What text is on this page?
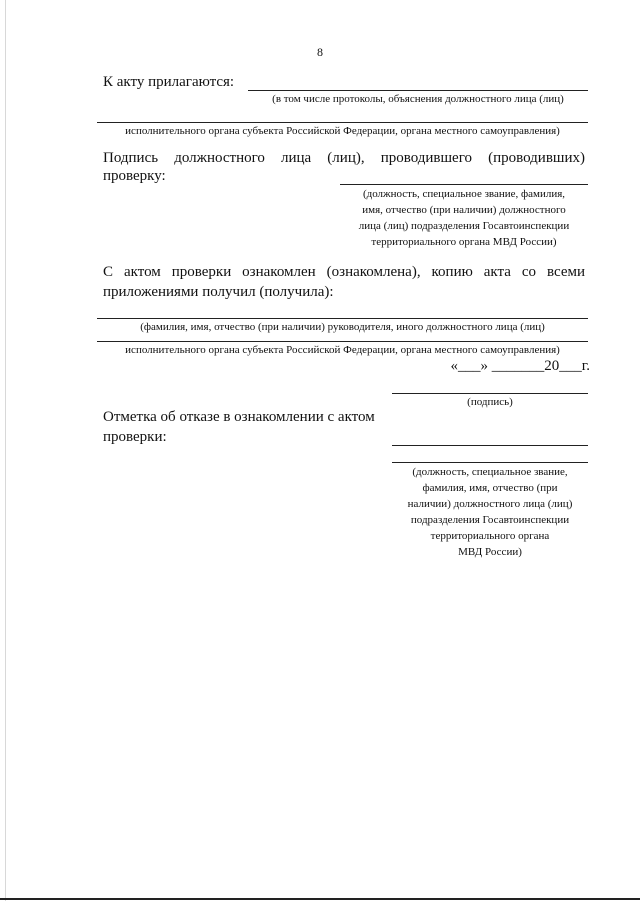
8
К акту прилагаются:
(в том числе протоколы, объяснения должностного лица (лиц)
исполнительного органа субъекта Российской Федерации, органа местного самоуправления)
Подпись должностного лица (лиц), проводившего (проводивших)
проверку:
(должность, специальное звание, фамилия,
имя, отчество (при наличии) должностного
лица (лиц) подразделения Госавтоинспекции
территориального органа МВД России)
С актом проверки ознакомлен (ознакомлена), копию акта со всеми
приложениями получил (получила):
(фамилия, имя, отчество (при наличии) руководителя, иного должностного лица (лиц)
исполнительного органа субъекта Российской Федерации, органа местного самоуправления)
«___» _______20___г.
(подпись)
Отметка об отказе в ознакомлении с актом
проверки:
(должность, специальное звание,
фамилия, имя, отчество (при
наличии) должностного лица (лиц)
подразделения Госавтоинспекции
территориального органа
МВД России)
